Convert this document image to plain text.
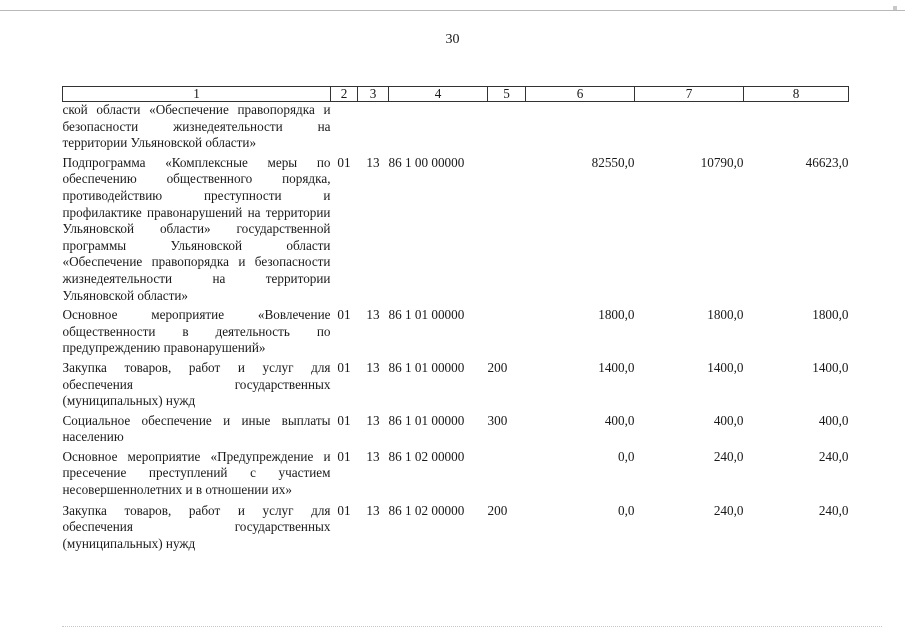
30
1	2	3	4	5	6	7	8
ской области «Обеспечение правопорядка и безопасности жизнедеятельности на территории Ульяновской области»							
Подпрограмма «Комплексные меры по обеспечению общественного порядка, противодействию преступности и профилактике правонарушений на территории Ульяновской области» государственной программы Ульяновской области «Обеспечение правопорядка и безопасности жизнедеятельности на территории Ульяновской области»	01	13	86 1 00 00000		82550,0	10790,0	46623,0
Основное мероприятие «Вовлечение общественности в деятельность по предупреждению правонарушений»	01	13	86 1 01 00000		1800,0	1800,0	1800,0
Закупка товаров, работ и услуг для обеспечения государственных (муниципальных) нужд	01	13	86 1 01 00000	200	1400,0	1400,0	1400,0
Социальное обеспечение и иные выплаты населению	01	13	86 1 01 00000	300	400,0	400,0	400,0
Основное мероприятие «Предупреждение и пресечение преступлений с участием несовершеннолетних и в отношении их»	01	13	86 1 02 00000		0,0	240,0	240,0
Закупка товаров, работ и услуг для обеспечения государственных (муниципальных) нужд	01	13	86 1 02 00000	200	0,0	240,0	240,0
